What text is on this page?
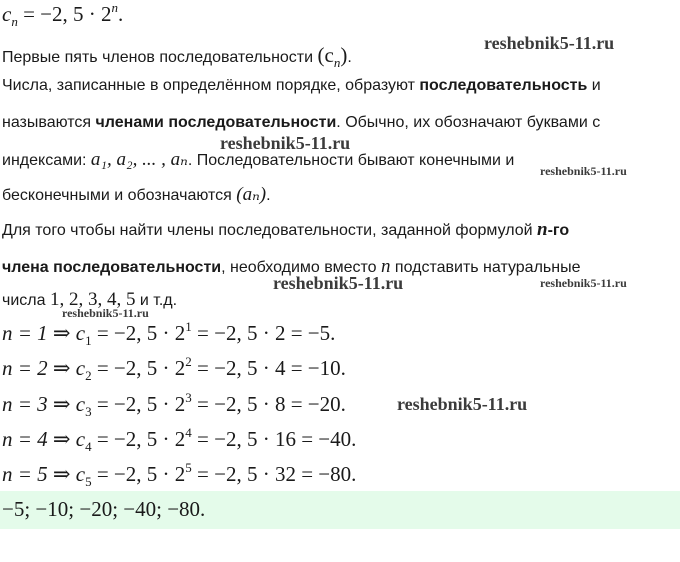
$c_n = -2$, $5 \cdot 2^n$.
Первые пять членов последовательности $(c_n)$.
Числа, записанные в определённом порядке, образуют последовательность и
называются членами последовательности. Обычно, их обозначают буквами с
индексами: a₁, a₂, ... , aₙ. Последовательности бывают конечными и
бесконечными и обозначаются (aₙ).
Для того чтобы найти члены последовательности, заданной формулой n-го
члена последовательности, необходимо вместо n подставить натуральные
числа 1, 2, 3, 4, 5 и т.д.
n = 1 ⇒ $c_1 = -2$, $5 \cdot 2^1 = -2$, 5 · 2 = −5.
n = 2 ⇒ $c_2 = -2$, $5 \cdot 2^2 = -2$, 5 · 4 = −10.
n = 3 ⇒ $c_3 = -2$, $5 \cdot 2^3 = -2$, 5 · 8 = −20.
n = 4 ⇒ $c_4 = -2$, $5 \cdot 2^4 = -2$, 5 · 16 = −40.
n = 5 ⇒ $c_5 = -2$, $5 \cdot 2^5 = -2$, 5 · 32 = −80.
−5; −10; −20; −40; −80.
reshebnik5-11.ru
reshebnik5-11.ru
reshebnik5-11.ru
reshebnik5-11.ru	reshebnik5-11.ru
reshebnik5-11.ru
reshebnik5-11.ru
